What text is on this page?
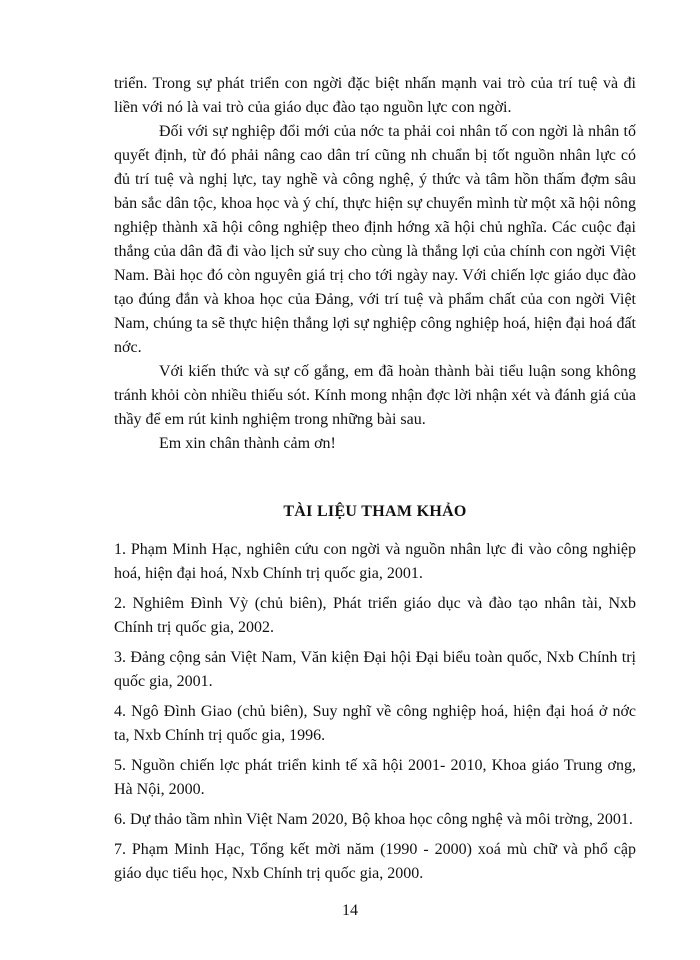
triển. Trong sự phát triển con ngời đặc biệt nhấn mạnh vai trò của trí tuệ và đi liền với nó là vai trò của giáo dục đào tạo nguồn lực con ngời.

Đối với sự nghiệp đổi mới của nớc ta phải coi nhân tố con ngời là nhân tố quyết định, từ đó phải nâng cao dân trí cũng nh chuẩn bị tốt nguồn nhân lực có đủ trí tuệ và nghị lực, tay nghề và công nghệ, ý thức và tâm hồn thấm đợm sâu bản sắc dân tộc, khoa học và ý chí, thực hiện sự chuyển mình từ một xã hội nông nghiệp thành xã hội công nghiệp theo định hớng xã hội chủ nghĩa. Các cuộc đại thắng của dân đã đi vào lịch sử suy cho cùng là thắng lợi của chính con ngời Việt Nam. Bài học đó còn nguyên giá trị cho tới ngày nay. Với chiến lợc giáo dục đào tạo đúng đắn và khoa học của Đảng, với trí tuệ và phẩm chất của con ngời Việt Nam, chúng ta sẽ thực hiện thắng lợi sự nghiệp công nghiệp hoá, hiện đại hoá đất nớc.

Với kiến thức và sự cố gắng, em đã hoàn thành bài tiểu luận song không tránh khỏi còn nhiều thiếu sót. Kính mong nhận đợc lời nhận xét và đánh giá của thầy để em rút kinh nghiệm trong những bài sau.

Em xin chân thành cảm ơn!

TÀI LIỆU THAM KHẢO
1. Phạm Minh Hạc, nghiên cứu con ngời và nguồn nhân lực đi vào công nghiệp hoá, hiện đại hoá, Nxb Chính trị quốc gia, 2001.
2. Nghiêm Đình Vỳ (chủ biên), Phát triển giáo dục và đào tạo nhân tài, Nxb Chính trị quốc gia, 2002.
3. Đảng cộng sản Việt Nam, Văn kiện Đại hội Đại biểu toàn quốc, Nxb Chính trị quốc gia, 2001.
4. Ngô Đình Giao (chủ biên), Suy nghĩ về công nghiệp hoá, hiện đại hoá ở nớc ta, Nxb Chính trị quốc gia, 1996.
5. Nguồn chiến lợc phát triển kinh tế xã hội 2001- 2010, Khoa giáo Trung ơng, Hà Nội, 2000.
6. Dự thảo tầm nhìn Việt Nam 2020, Bộ khoa học công nghệ và môi trờng, 2001.
7. Phạm Minh Hạc, Tổng kết mời năm (1990 - 2000) xoá mù chữ và phổ cập giáo dục tiểu học, Nxb Chính trị quốc gia, 2000.
14
